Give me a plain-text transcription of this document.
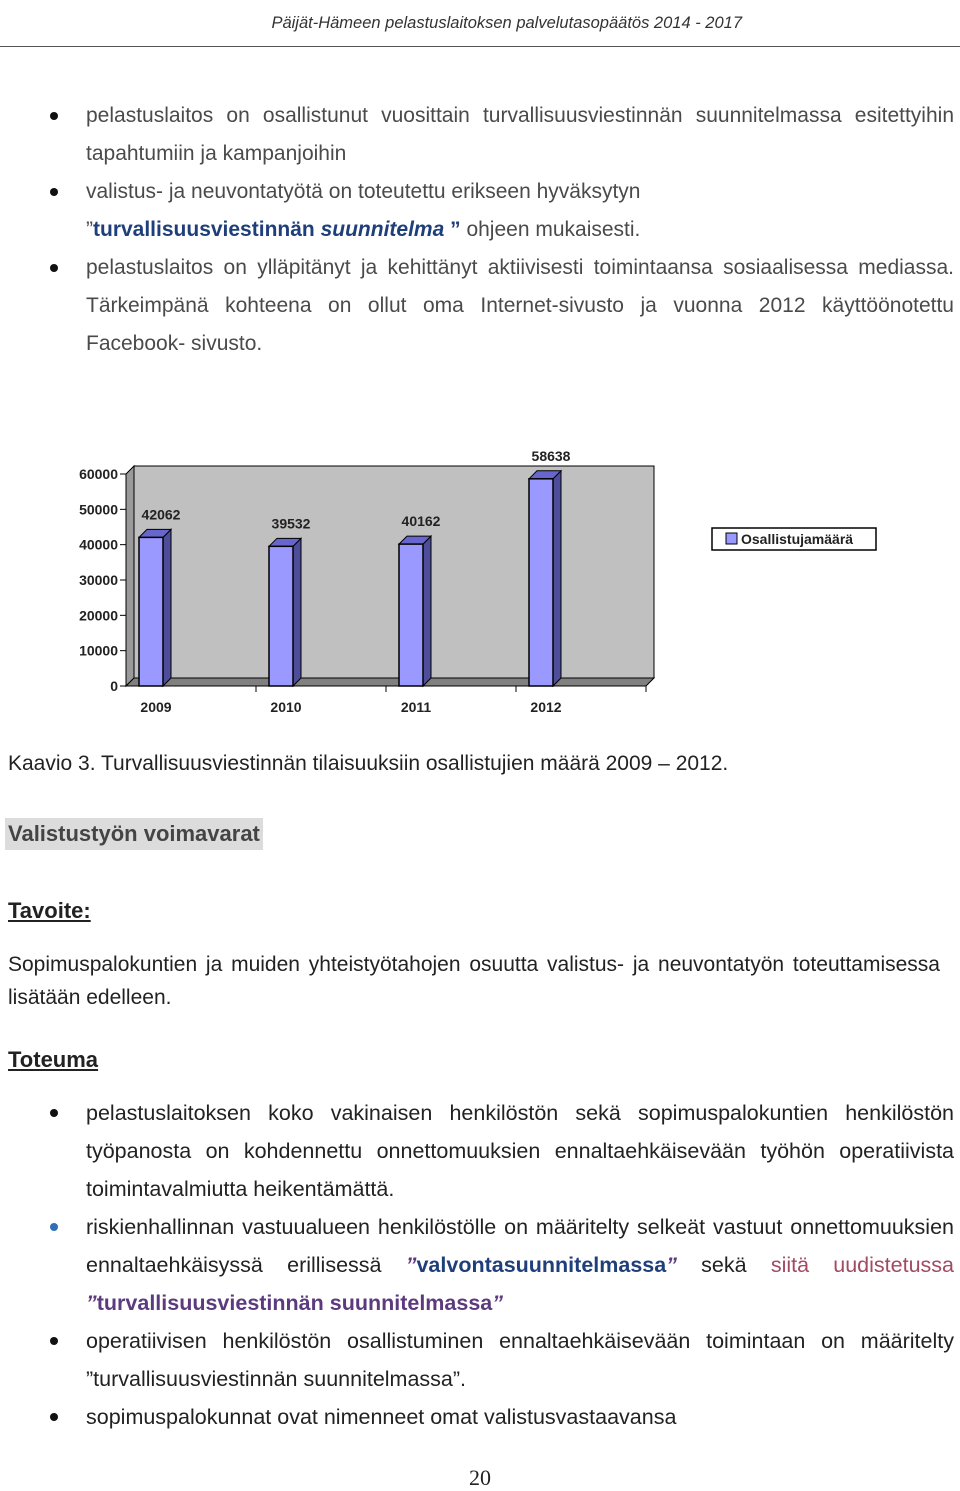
Päijät-Hämeen pelastuslaitoksen palvelutasopäätös 2014 - 2017

pelastuslaitos on osallistunut vuosittain turvallisuusviestinnän suunnitelmassa esitettyihin tapahtumiin ja kampanjoihin

valistus- ja neuvontatyötä on toteutettu erikseen hyväksytyn
”turvallisuusviestinnän suunnitelma ” ohjeen mukaisesti.

pelastuslaitos on ylläpitänyt ja kehittänyt aktiivisesti toimintaansa sosiaalisessa mediassa. Tärkeimpänä kohteena on ollut oma Internet-sivusto ja vuonna 2012 käyttöönotettu Facebook- sivusto.

0
10000
20000
30000
40000
50000
60000
42062
2009
39532
2010
40162
2011
58638
2012
Osallistujamäärä
Kaavio 3. Turvallisuusviestinnän tilaisuuksiin osallistujien määrä 2009 – 2012.
Valistustyön voimavarat
Tavoite:
Sopimuspalokuntien ja muiden yhteistyötahojen osuutta valistus- ja neuvontatyön toteuttamisessa lisätään edelleen.
Toteuma

pelastuslaitoksen koko vakinaisen henkilöstön sekä sopimuspalokuntien henkilöstön työpanosta on kohdennettu onnettomuuksien ennaltaehkäisevään työhön operatiivista toimintavalmiutta heikentämättä.

riskienhallinnan vastuualueen henkilöstölle on määritelty selkeät vastuut onnettomuuksien ennaltaehkäisyssä erillisessä ”valvontasuunnitelmassa” sekä siitä uudistetussa ”turvallisuusviestinnän suunnitelmassa”

operatiivisen henkilöstön osallistuminen ennaltaehkäisevään toimintaan on määritelty ”turvallisuusviestinnän suunnitelmassa”.

sopimuspalokunnat ovat nimenneet omat valistusvastaavansa

20
